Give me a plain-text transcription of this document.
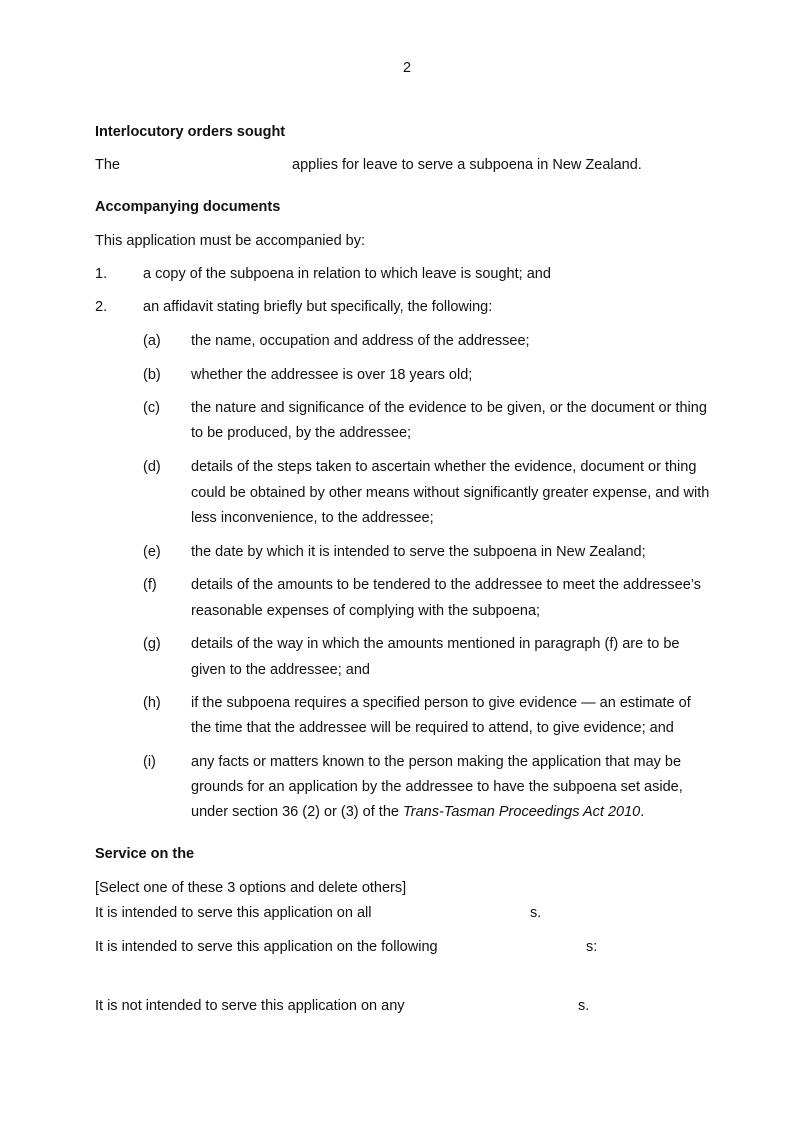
2
Interlocutory orders sought
The	applies for leave to serve a subpoena in New Zealand.
Accompanying documents
This application must be accompanied by:
1. a copy of the subpoena in relation to which leave is sought; and
2. an affidavit stating briefly but specifically, the following:
(a) the name, occupation and address of the addressee;
(b) whether the addressee is over 18 years old;
(c) the nature and significance of the evidence to be given, or the document or thing
to be produced, by the addressee;
(d) details of the steps taken to ascertain whether the evidence, document or thing
could be obtained by other means without significantly greater expense, and with
less inconvenience, to the addressee;
(e) the date by which it is intended to serve the subpoena in New Zealand;
(f) details of the amounts to be tendered to the addressee to meet the addressee’s
reasonable expenses of complying with the subpoena;
(g) details of the way in which the amounts mentioned in paragraph (f) are to be
given to the addressee; and
(h) if the subpoena requires a specified person to give evidence — an estimate of
the time that the addressee will be required to attend, to give evidence; and
(i) any facts or matters known to the person making the application that may be
grounds for an application by the addressee to have the subpoena set aside,
under section 36 (2) or (3) of the Trans-Tasman Proceedings Act 2010.
Service on the
[Select one of these 3 options and delete others]
It is intended to serve this application on all	s.
It is intended to serve this application on the following	s:
It is not intended to serve this application on any	s.
